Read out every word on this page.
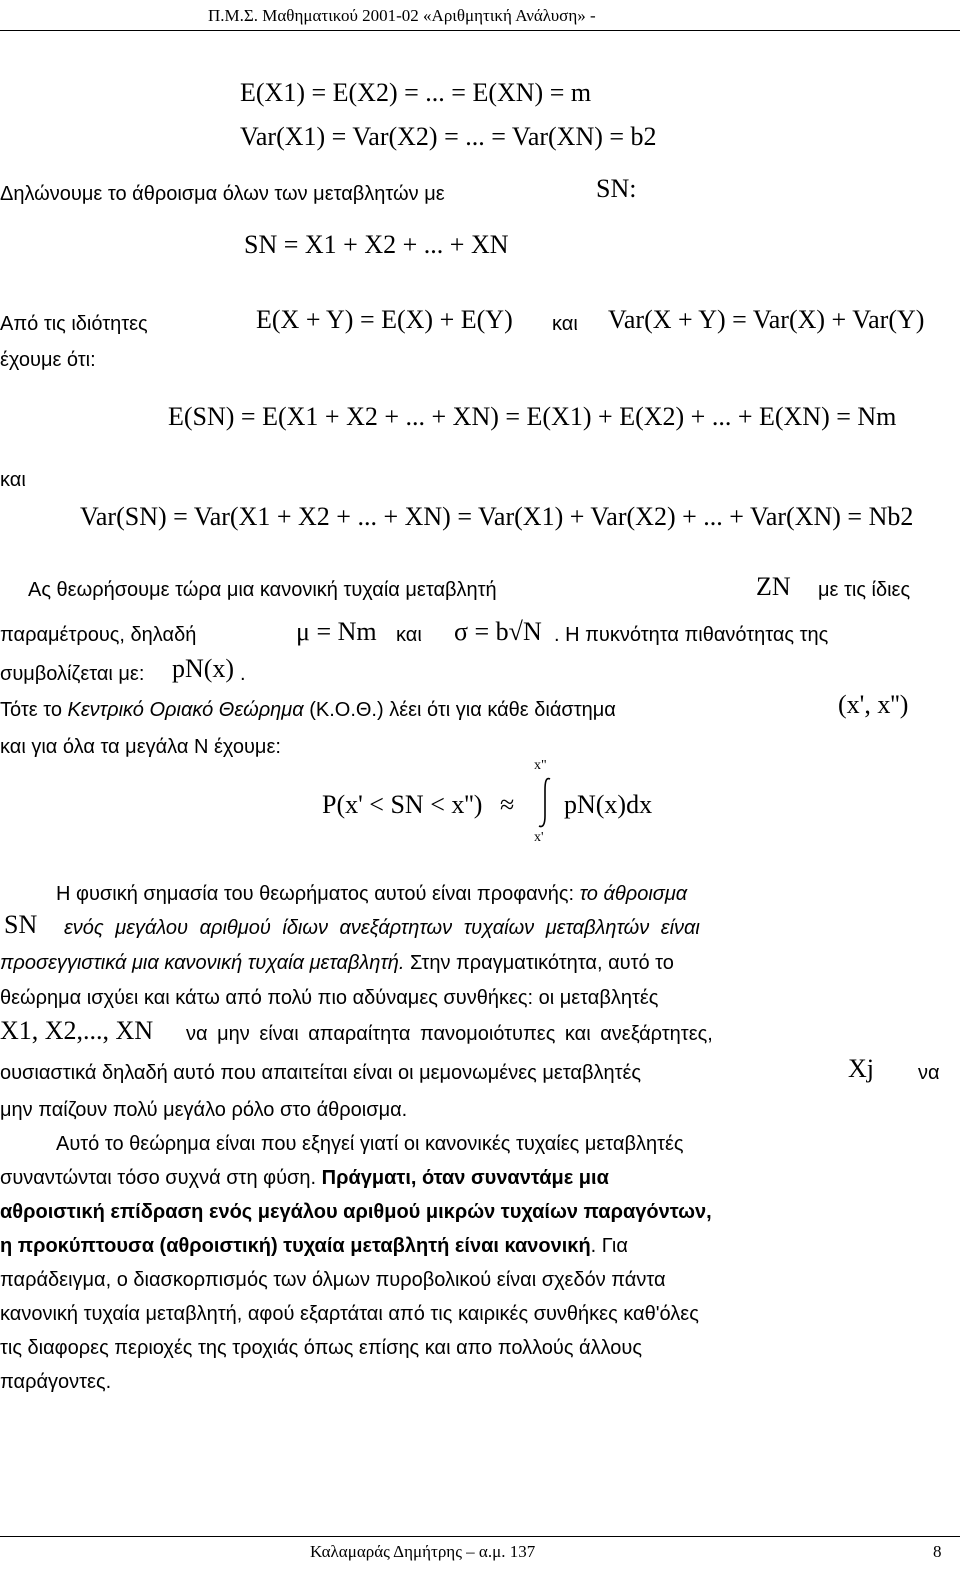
Π.Μ.Σ. Μαθηματικού 2001-02 «Αριθμητική Ανάλυση» -
E(X1) = E(X2) = ... = E(XN) = m
Var(X1) = Var(X2) = ... = Var(XN) = b2
Δηλώνουμε το άθροισμα όλων των μεταβλητών με	SN:
SN = X1 + X2 + ... + XN
Από τις ιδιότητες	E(X + Y) = E(X) + E(Y) και Var(X + Y) = Var(X) + Var(Y)
έχουμε ότι:
E(SN) = E(X1 + X2 + ... + XN) = E(X1) + E(X2) + ... + E(XN) = Nm
και
Var(SN) = Var(X1 + X2 + ... + XN) = Var(X1) + Var(X2) + ... + Var(XN) = Nb2
Ας θεωρήσουμε τώρα μια κανονική τυχαία μεταβλητή	ZN με τις ίδιες
παραμέτρους, δηλαδή	μ = Nm και σ = b√N . Η πυκνότητα πιθανότητας της
συμβολίζεται με: pN(x) .
Τότε το Κεντρικό Οριακό Θεώρημα (Κ.Ο.Θ.) λέει ότι για κάθε διάστημα	(x', x'')
και για όλα τα μεγάλα N έχουμε:
P(x' < SN < x'') ≈
x"
x'
pN(x)dx
Η φυσική σημασία του θεωρήματος αυτού είναι προφανής: το άθροισμα
SN ενός μεγάλου αριθμού ίδιων ανεξάρτητων τυχαίων μεταβλητών είναι
προσεγγιστικά μια κανονική τυχαία μεταβλητή. Στην πραγματικότητα, αυτό το
θεώρημα ισχύει και κάτω από πολύ πιο αδύναμες συνθήκες: οι μεταβλητές
X1, X2,..., XN να μην είναι απαραίτητα πανομοιότυπες και ανεξάρτητες,
ουσιαστικά δηλαδή αυτό που απαιτείται είναι οι μεμονωμένες μεταβλητές	Xj να
μην παίζουν πολύ μεγάλο ρόλο στο άθροισμα.
Αυτό το θεώρημα είναι που εξηγεί γιατί οι κανονικές τυχαίες μεταβλητές
συναντώνται τόσο συχνά στη φύση. Πράγματι, όταν συναντάμε μια
αθροιστική επίδραση ενός μεγάλου αριθμού μικρών τυχαίων παραγόντων,
η προκύπτουσα (αθροιστική) τυχαία μεταβλητή είναι κανονική. Για
παράδειγμα, ο διασκορπισμός των όλμων πυροβολικού είναι σχεδόν πάντα
κανονική τυχαία μεταβλητή, αφού εξαρτάται από τις καιρικές συνθήκες καθ'όλες
τις διαφορες περιοχές της τροχιάς όπως επίσης και απο πολλούς άλλους
παράγοντες.
Καλαμαράς Δημήτρης – α.μ. 137	8
